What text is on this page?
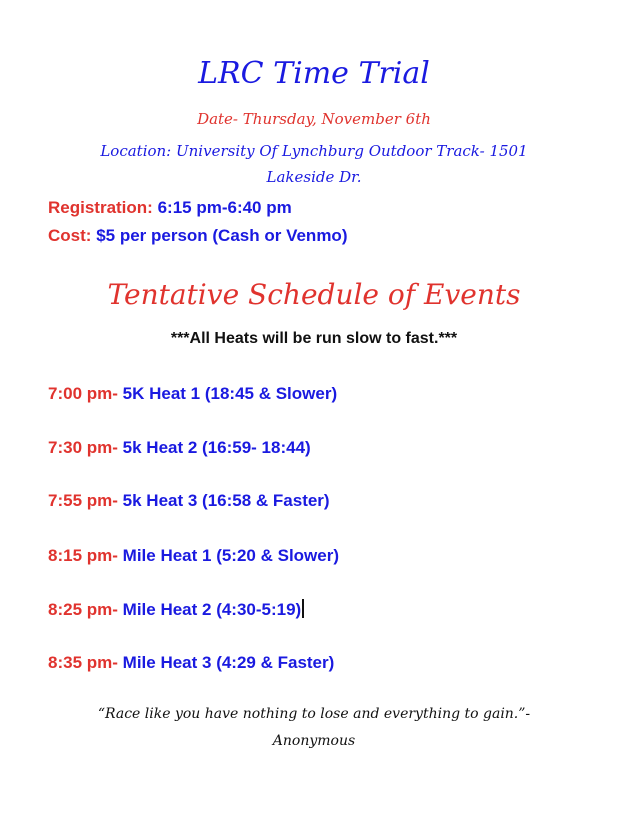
LRC Time Trial
Date- Thursday, November 6th
Location: University Of Lynchburg Outdoor Track- 1501
Lakeside Dr.
Registration: 6:15 pm-6:40 pm
Cost: $5 per person (Cash or Venmo)
Tentative Schedule of Events
***All Heats will be run slow to fast.***
7:00 pm- 5K Heat 1 (18:45 & Slower)
7:30 pm- 5k Heat 2 (16:59- 18:44)
7:55 pm- 5k Heat 3 (16:58 & Faster)
8:15 pm- Mile Heat 1 (5:20 & Slower)
8:25 pm- Mile Heat 2 (4:30-5:19)
8:35 pm- Mile Heat 3 (4:29 & Faster)
“Race like you have nothing to lose and everything to gain.”-
Anonymous
